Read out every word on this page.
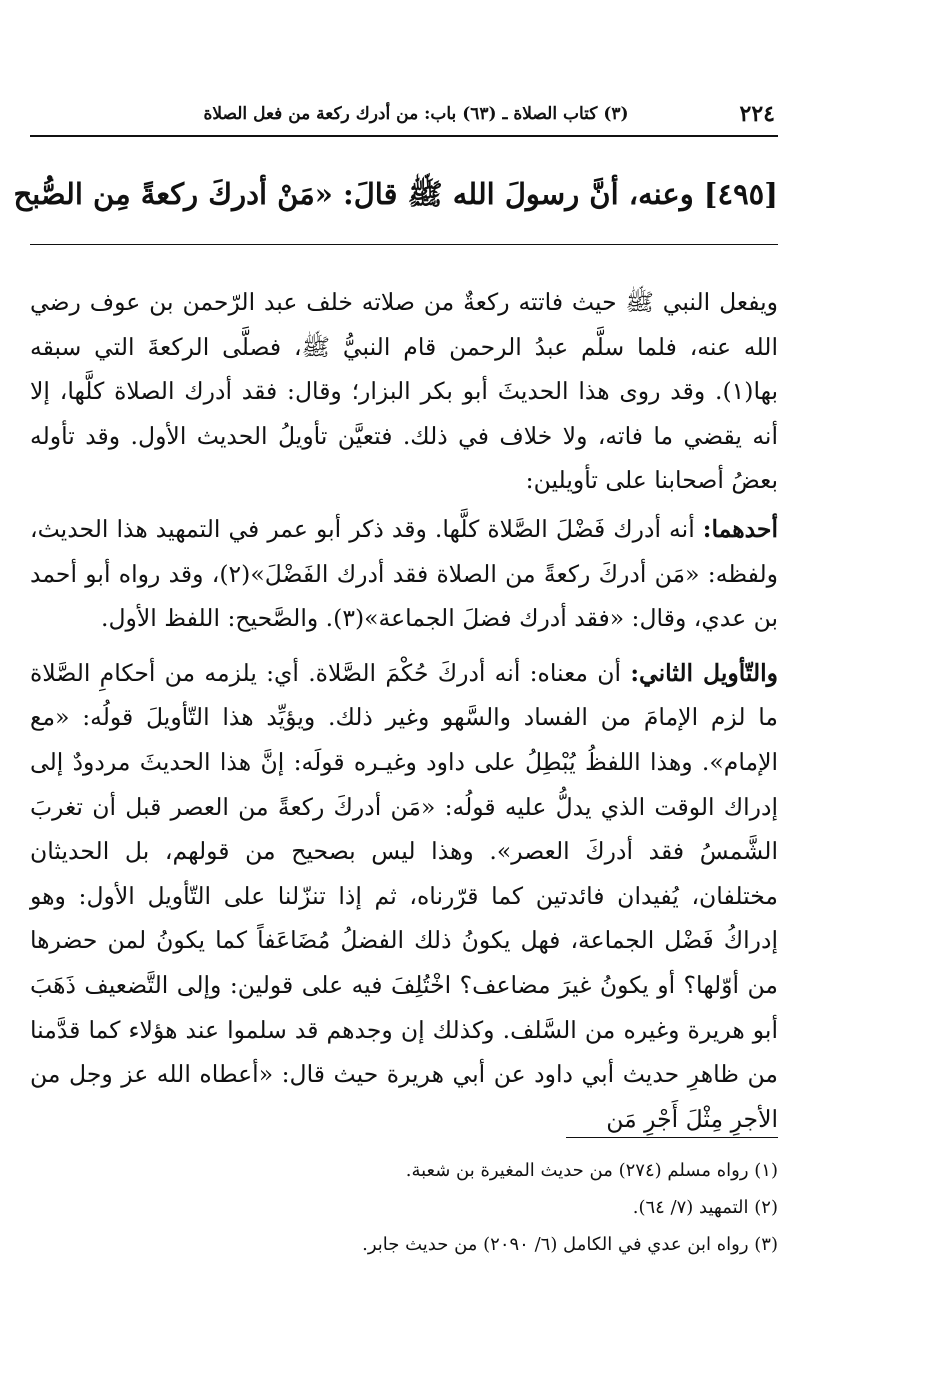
٢٢٤
(٣) كتاب الصلاة ـ (٦٣) باب: من أدرك ركعة من فعل الصلاة
[٤٩٥] وعنه، أنَّ رسولَ الله ﷺ قالَ: «مَنْ أدركَ ركعةً مِن الصُّبح

ويفعل النبي ﷺ حيث فاتته ركعةٌ من صلاته خلف عبد الرّحمن بن عوف رضي الله عنه، فلما سلَّم عبدُ الرحمن قام النبيُّ ﷺ، فصلَّى الركعةَ التي سبقه بها(١). وقد روى هذا الحديثَ أبو بكر البزار؛ وقال: فقد أدرك الصلاة كلَّها، إلا أنه يقضي ما فاته، ولا خلاف في ذلك. فتعيَّن تأويلُ الحديث الأول. وقد تأوله بعضُ أصحابنا على تأويلين:

أحدهما: أنه أدرك فَضْلَ الصَّلاة كلَّها. وقد ذكر أبو عمر في التمهيد هذا الحديث، ولفظه: «مَن أدركَ ركعةً من الصلاة فقد أدرك الفَضْلَ»(٢)، وقد رواه أبو أحمد بن عدي، وقال: «فقد أدرك فضلَ الجماعة»(٣). والصَّحيح: اللفظ الأول.

والتّأويل الثاني: أن معناه: أنه أدركَ حُكْمَ الصَّلاة. أي: يلزمه من أحكامِ الصَّلاة ما لزم الإمامَ من الفساد والسَّهو وغير ذلك. ويؤيِّد هذا التّأويلَ قولُه: «مع الإمام». وهذا اللفظُ يُبْطِلُ على داود وغيـره قولَه: إنَّ هذا الحديثَ مردودٌ إلى إدراك الوقت الذي يدلُّ عليه قولُه: «مَن أدركَ ركعةً من العصر قبل أن تغربَ الشَّمسُ فقد أدركَ العصر». وهذا ليس بصحيح من قولهم، بل الحديثان مختلفان، يُفيدان فائدتين كما قرّرناه، ثم إذا تنزّلنا على التّأويل الأول: وهو إدراكُ فَضْل الجماعة، فهل يكونُ ذلك الفضلُ مُضَاعَفاً كما يكونُ لمن حضرها من أوّلها؟ أو يكونُ غيرَ مضاعف؟ اخْتُلِفَ فيه على قولين: وإلى التَّضعيف ذَهَبَ أبو هريرة وغيره من السَّلف. وكذلك إن وجدهم قد سلموا عند هؤلاء كما قدَّمنا من ظاهرِ حديث أبي داود عن أبي هريرة حيث قال: «أعطاه الله عز وجل من الأجرِ مِثْلَ أَجْرِ مَن

(١) رواه مسلم (٢٧٤) من حديث المغيرة بن شعبة.
(٢) التمهيد (٧/ ٦٤).
(٣) رواه ابن عدي في الكامل (٦/ ٢٠٩٠) من حديث جابر.
